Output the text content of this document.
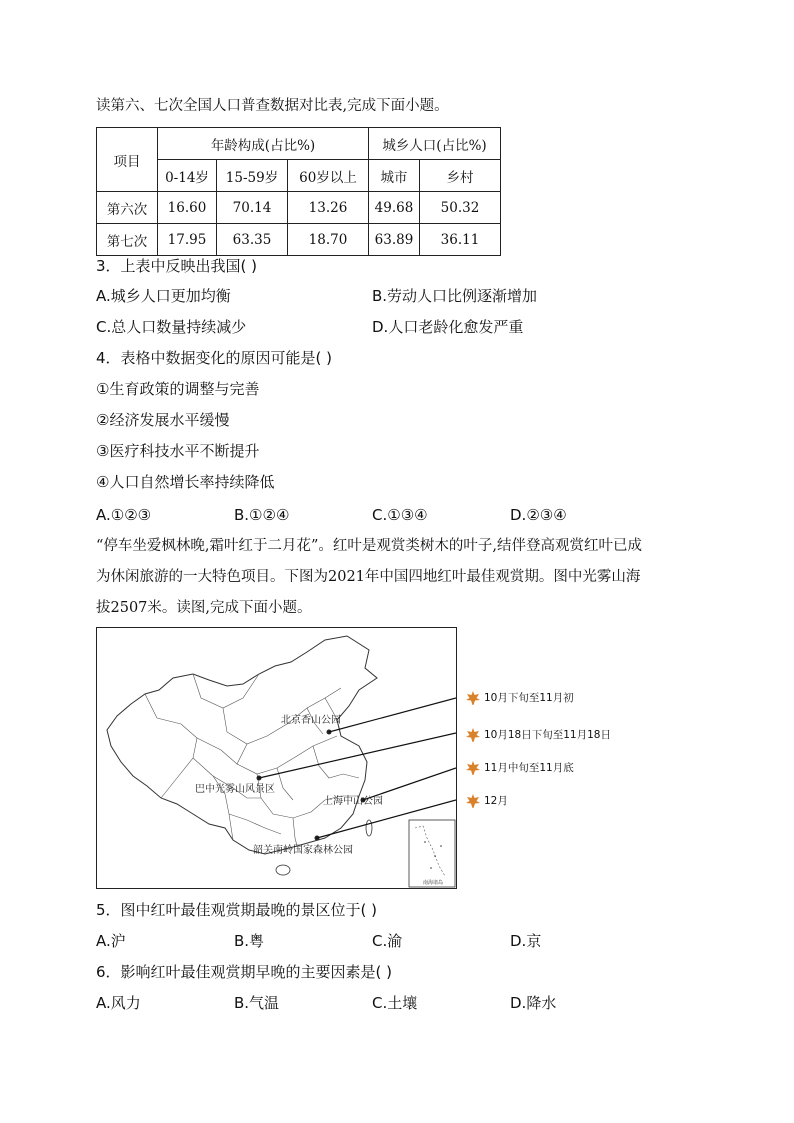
读第六、七次全国人口普查数据对比表,完成下面小题。
项目	年龄构成(占比%)			城乡人口(占比%)	
	0-14岁	15-59岁	60岁以上	城市	乡村
第六次	16.60	70.14	13.26	49.68	50.32
第七次	17.95	63.35	18.70	63.89	36.11
3．上表中反映出我国( )
A.城乡人口更加均衡	B.劳动人口比例逐渐增加
C.总人口数量持续减少	D.人口老龄化愈发严重
4．表格中数据变化的原因可能是( )
①生育政策的调整与完善
②经济发展水平缓慢
③医疗科技水平不断提升
④人口自然增长率持续降低
A.①②③	B.①②④	C.①③④	D.②③④
“停车坐爱枫林晚,霜叶红于二月花”。红叶是观赏类树木的叶子,结伴登高观赏红叶已成
为休闲旅游的一大特色项目。下图为2021年中国四地红叶最佳观赏期。图中光雾山海
拔2507米。读图,完成下面小题。
南海诸岛
北京香山公园
巴中光雾山风景区
上海中山公园
韶关南岭国家森林公园
10月下旬至11月初
10月18日下旬至11月18日
11月中旬至11月底
12月
5．图中红叶最佳观赏期最晚的景区位于( )
A.沪	B.粤	C.渝	D.京
6．影响红叶最佳观赏期早晚的主要因素是( )
A.风力	B.气温	C.土壤	D.降水
